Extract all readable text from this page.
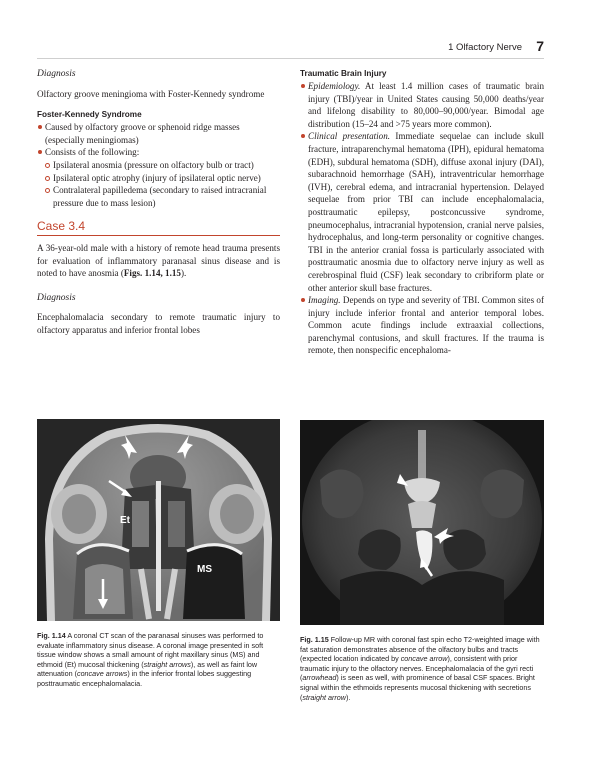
1 Olfactory Nerve 7

Diagnosis

Olfactory groove meningioma with Foster-Kennedy syndrome

Foster-Kennedy Syndrome

Caused by olfactory groove or sphenoid ridge masses (especially meningiomas)
Consists of the following:
Ipsilateral anosmia (pressure on olfactory bulb or tract)
Ipsilateral optic atrophy (injury of ipsilateral optic nerve)
Contralateral papilledema (secondary to raised intracranial pressure due to mass lesion)
Case 3.4

A 36-year-old male with a history of remote head trauma presents for evaluation of inflammatory paranasal sinus disease and is noted to have anosmia (Figs. 1.14, 1.15).

Diagnosis

Encephalomalacia secondary to remote traumatic injury to olfactory apparatus and inferior frontal lobes

Traumatic Brain Injury

Epidemiology. At least 1.4 million cases of traumatic brain injury (TBI)/year in United States causing 50,000 deaths/year and lifelong disability to 80,000–90,000/year. Bimodal age distribution (15–24 and >75 years more common).
Clinical presentation. Immediate sequelae can include skull fracture, intraparenchymal hematoma (IPH), epidural hematoma (EDH), subdural hematoma (SDH), diffuse axonal injury (DAI), subarachnoid hemorrhage (SAH), intraventricular hemorrhage (IVH), cerebral edema, and intracranial hypertension. Delayed sequelae from prior TBI can include encephalomalacia, posttraumatic epilepsy, postconcussive syndrome, pneumocephalus, intracranial hypotension, cranial nerve palsies, hydrocephalus, and long-term personality or cognitive changes. TBI in the anterior cranial fossa is particularly associated with posttraumatic anosmia due to olfactory nerve injury as well as cerebrospinal fluid (CSF) leak secondary to cribriform plate or other anterior skull base fractures.
Imaging. Depends on type and severity of TBI. Common sites of injury include inferior frontal and anterior temporal lobes. Common acute findings include extraaxial collections, parenchymal contusions, and skull fractures. If the trauma is remote, then nonspecific encephaloma-
Et
MS
Fig. 1.14 A coronal CT scan of the paranasal sinuses was performed to evaluate inflammatory sinus disease. A coronal image presented in soft tissue window shows a small amount of right maxillary sinus (MS) and ethmoid (Et) mucosal thickening (straight arrows), as well as faint low attenuation (concave arrows) in the inferior frontal lobes suggesting posttraumatic encephalomalacia.
Fig. 1.15 Follow-up MR with coronal fast spin echo T2-weighted image with fat saturation demonstrates absence of the olfactory bulbs and tracts (expected location indicated by concave arrow), consistent with prior traumatic injury to the olfactory nerves. Encephalomalacia of the gyri recti (arrowhead) is seen as well, with prominence of basal CSF spaces. Bright signal within the ethmoids represents mucosal thickening with secretions (straight arrow).
